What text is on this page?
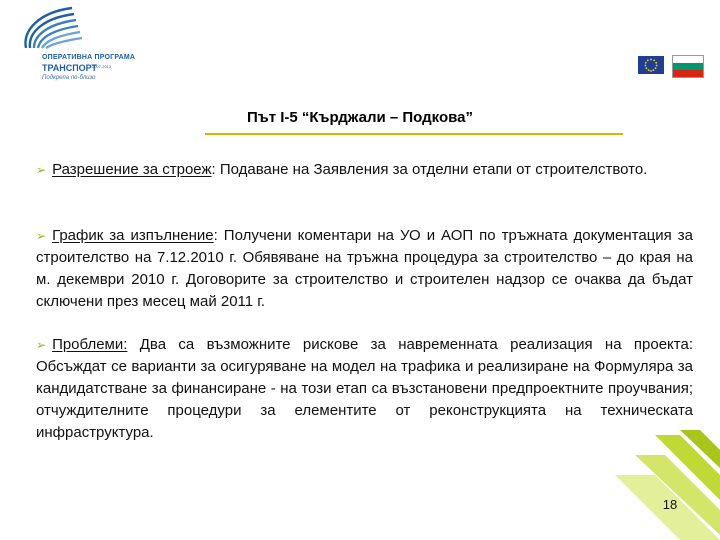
ОПЕРАТИВНА ПРОГРАМА
ТРАНСПОРТ
2007-2013
Подкрепа по-близо
Път I-5 “Кърджали – Подкова”
➢ Разрешение за строеж: Подаване на Заявления за отделни етапи от строителството.
➢ График за изпълнение: Получени коментари на УО и АОП по тръжната документация за строителство на 7.12.2010 г. Обявяване на тръжна процедура за строителство – до края на м. декември 2010 г. Договорите за строителство и строителен надзор се очаква да бъдат сключени през месец май 2011 г.
➢ Проблеми: Два са възможните рискове за навременната реализация на проекта: Обсъждат се варианти за осигуряване на модел на трафика и реализиране на Формуляра за кандидатстване за финансиране - на този етап са възстановени предпроектните проучвания; отчуждителните процедури за елементите от реконструкцията на техническата инфраструктура.
18
